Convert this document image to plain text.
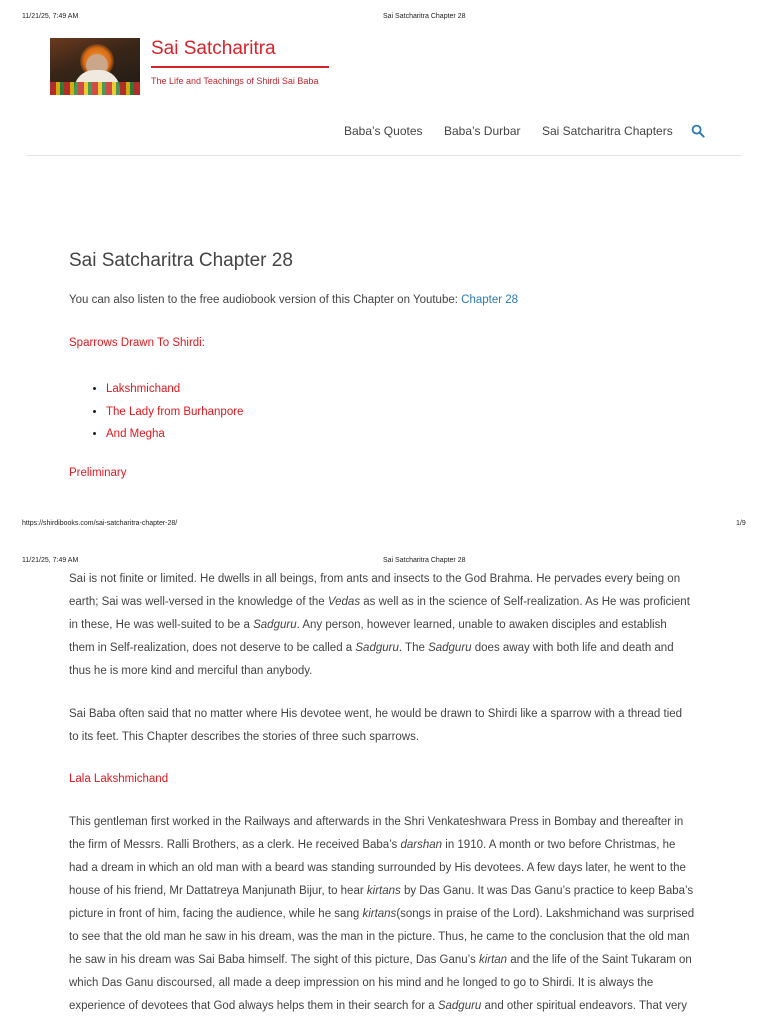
11/21/25, 7:49 AM	Sai Satcharitra Chapter 28
Sai Satcharitra
The Life and Teachings of Shirdi Sai Baba
Baba’s Quotes Baba’s Durbar Sai Satcharitra Chapters
Sai Satcharitra Chapter 28
You can also listen to the free audiobook version of this Chapter on Youtube: Chapter 28
Sparrows Drawn To Shirdi:
• Lakshmichand
• The Lady from Burhanpore
• And Megha
Preliminary
https://shirdibooks.com/sai-satcharitra-chapter-28/	1/9
11/21/25, 7:49 AM	Sai Satcharitra Chapter 28
Sai is not finite or limited. He dwells in all beings, from ants and insects to the God Brahma. He pervades every being on
earth; Sai was well-versed in the knowledge of the Vedas as well as in the science of Self-realization. As He was proficient
in these, He was well-suited to be a Sadguru. Any person, however learned, unable to awaken disciples and establish
them in Self-realization, does not deserve to be called a Sadguru. The Sadguru does away with both life and death and
thus he is more kind and merciful than anybody.
Sai Baba often said that no matter where His devotee went, he would be drawn to Shirdi like a sparrow with a thread tied
to its feet. This Chapter describes the stories of three such sparrows.
Lala Lakshmichand
This gentleman first worked in the Railways and afterwards in the Shri Venkateshwara Press in Bombay and thereafter in
the firm of Messrs. Ralli Brothers, as a clerk. He received Baba’s darshan in 1910. A month or two before Christmas, he
had a dream in which an old man with a beard was standing surrounded by His devotees. A few days later, he went to the
house of his friend, Mr Dattatreya Manjunath Bijur, to hear kirtans by Das Ganu. It was Das Ganu’s practice to keep Baba’s
picture in front of him, facing the audience, while he sang kirtans(songs in praise of the Lord). Lakshmichand was surprised
to see that the old man he saw in his dream, was the man in the picture. Thus, he came to the conclusion that the old man
he saw in his dream was Sai Baba himself. The sight of this picture, Das Ganu’s kirtan and the life of the Saint Tukaram on
which Das Ganu discoursed, all made a deep impression on his mind and he longed to go to Shirdi. It is always the
experience of devotees that God always helps them in their search for a Sadguru and other spiritual endeavors. That very
